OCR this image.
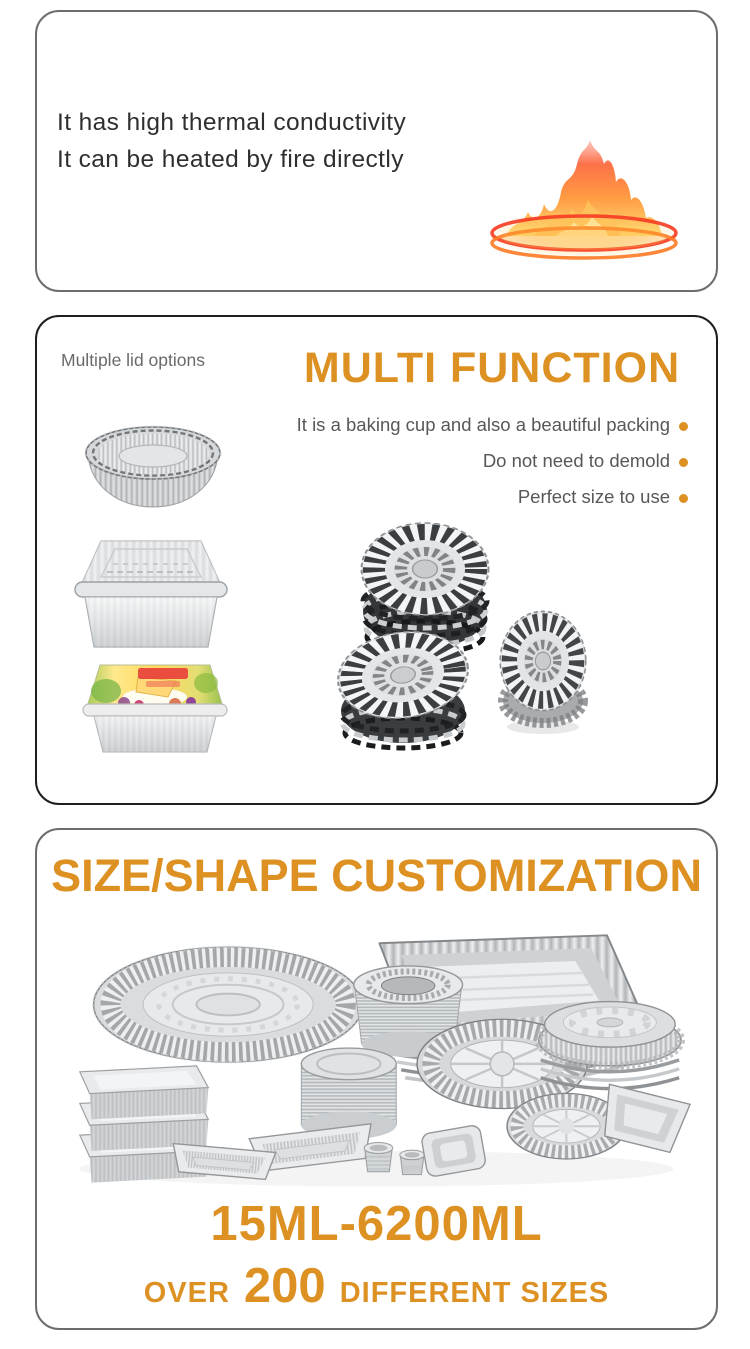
It has high thermal conductivity
It can be heated by fire directly
Multiple lid options	MULTI FUNCTION
It is a baking cup and also a beautiful packing
Do not need to demold
Perfect size to use
SIZE/SHAPE CUSTOMIZATION
15ML-6200ML
OVER 200 DIFFERENT SIZES
